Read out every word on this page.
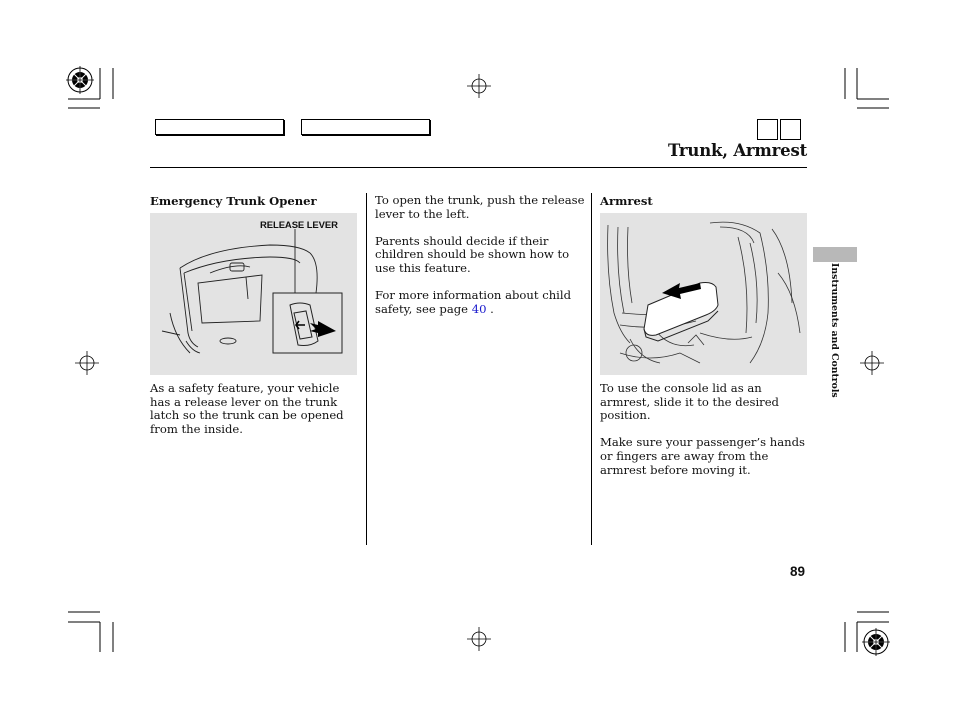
Trunk, Armrest
Emergency Trunk Opener
RELEASE LEVER

As a safety feature, your vehicle has a release lever on the trunk latch so the trunk can be opened from the inside.

To open the trunk, push the release lever to the left.

Parents should decide if their children should be shown how to use this feature.

For more information about child safety, see page 40 .

Armrest

To use the console lid as an armrest, slide it to the desired position.

Make sure your passenger’s hands or fingers are away from the armrest before moving it.

Instruments and Controls
89
